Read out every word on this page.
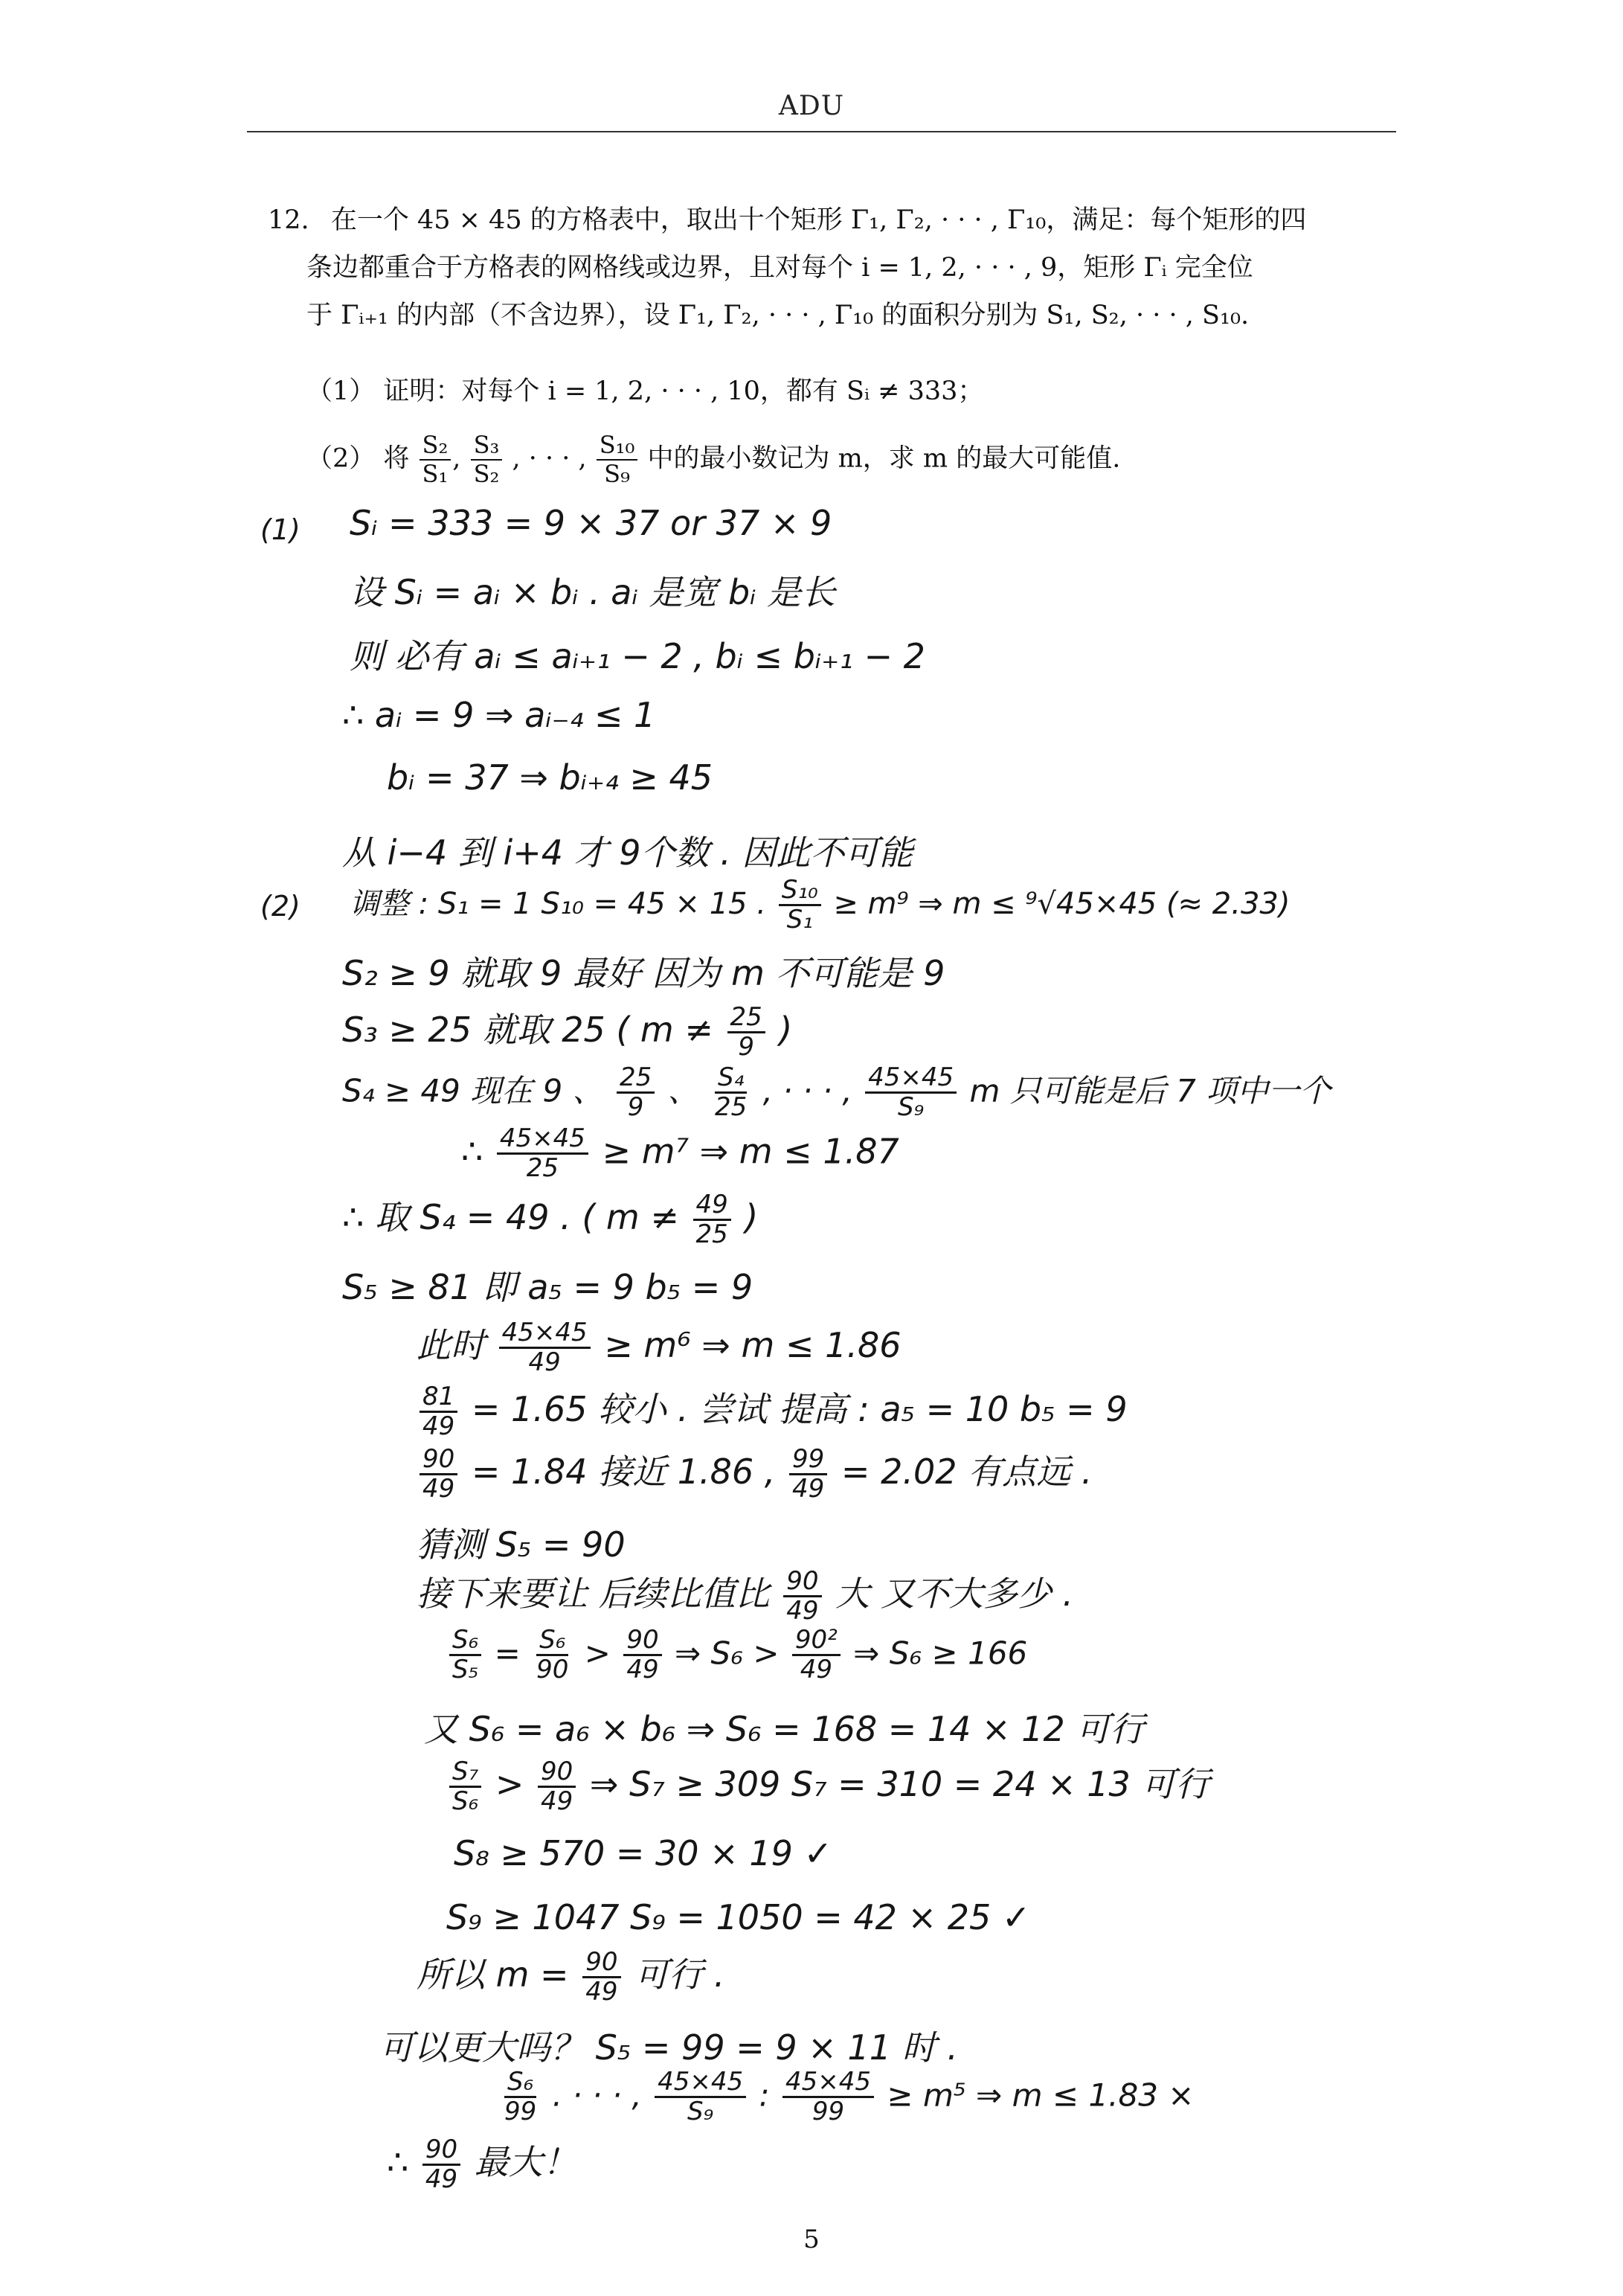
ADU
12. 在一个 45 × 45 的方格表中，取出十个矩形 Γ₁, Γ₂, · · · , Γ₁₀，满足：每个矩形的四
条边都重合于方格表的网格线或边界，且对每个 i = 1, 2, · · · , 9，矩形 Γᵢ 完全位
于 Γᵢ₊₁ 的内部（不含边界），设 Γ₁, Γ₂, · · · , Γ₁₀ 的面积分别为 S₁, S₂, · · · , S₁₀.
（1） 证明：对每个 i = 1, 2, · · · , 10，都有 Sᵢ ≠ 333；
（2） 将 $\frac{\text{S₂}}{\text{S₁}}$ , $\frac{\text{S₃}}{\text{S₂}}$ , · · · , $\frac{\text{S₁₀}}{\text{S₉}}$ 中的最小数记为 m，求 m 的最大可能值.
(1) Sᵢ = 333 = 9 × 37 or 37 × 9
设 Sᵢ = aᵢ × bᵢ . aᵢ 是宽 bᵢ 是长
则 必有 aᵢ ≤ aᵢ₊₁ − 2 , bᵢ ≤ bᵢ₊₁ − 2
∴ aᵢ = 9 ⇒ aᵢ₋₄ ≤ 1
bᵢ = 37 ⇒ bᵢ₊₄ ≥ 45
从 i−4 到 i+4 才 9个数 . 因此不可能
(2) 调整 : S₁ = 1 S₁₀ = 45 × 15 . $\frac{\text{S₁₀}}{\text{S₁}} \ge m^9$ ⇒ m ≤ ⁹√45×45 (≈ 2.33)
S₂ ≥ 9 就取 9 最好 因为 m 不可能是 9
S₃ ≥ 25 就取 25 ( $m \ne \frac{25}{9}$ )
S₄ ≥ 49 现在 9 、 $\frac{25}{9}$ 、 $\frac{\text{S₄}}{25}$ , · · · , $\frac{45\times 45}{\text{S₉}}$ m 只可能是后 7 项中一个
∴ $\frac{45\times 45}{25} \ge m^7$ ⇒ m ≤ 1.87
∴ 取 S₄ = 49 . ( $m \ne \frac{49}{25}$ )
S₅ ≥ 81 即 a₅ = 9 b₅ = 9
此时 $\frac{45\times 45}{49} \ge m^6$ ⇒ m ≤ 1.86
$\frac{81}{49} = 1.65$ 较小 . 尝试 提高 : a₅ = 10 b₅ = 9
$\frac{90}{49} = 1.84$ 接近 1.86 , $\frac{99}{49} = 2.02$ 有点远 .
猜测 S₅ = 90
接下来要让 后续比值比 $\frac{90}{49}$ 大 又不大多少 .
$\frac{\text{S₆}}{\text{S₅}} = \frac{\text{S₆}}{90} > \frac{90}{49}$ ⇒ $S_6 > \frac{\text{90²}}{49}$ ⇒ S₆ ≥ 166
又 S₆ = a₆ × b₆ ⇒ S₆ = 168 = 14 × 12 可行
$\frac{\text{S₇}}{\text{S₆}} > \frac{90}{49}$ ⇒ S₇ ≥ 309 S₇ = 310 = 24 × 13 可行
S₈ ≥ 570 = 30 × 19 ✓
S₉ ≥ 1047 S₉ = 1050 = 42 × 25 ✓
所以 $m = \frac{90}{49}$ 可行 .
可以更大吗？ S₅ = 99 = 9 × 11 时 .
$\frac{\text{S₆}}{99}$ . · · · , $\frac{45\times 45}{\text{S₉}}$ : $\frac{45\times 45}{99} \ge m^5$ ⇒ m ≤ 1.83 ×
∴ $\frac{90}{49}$ 最大！
5
